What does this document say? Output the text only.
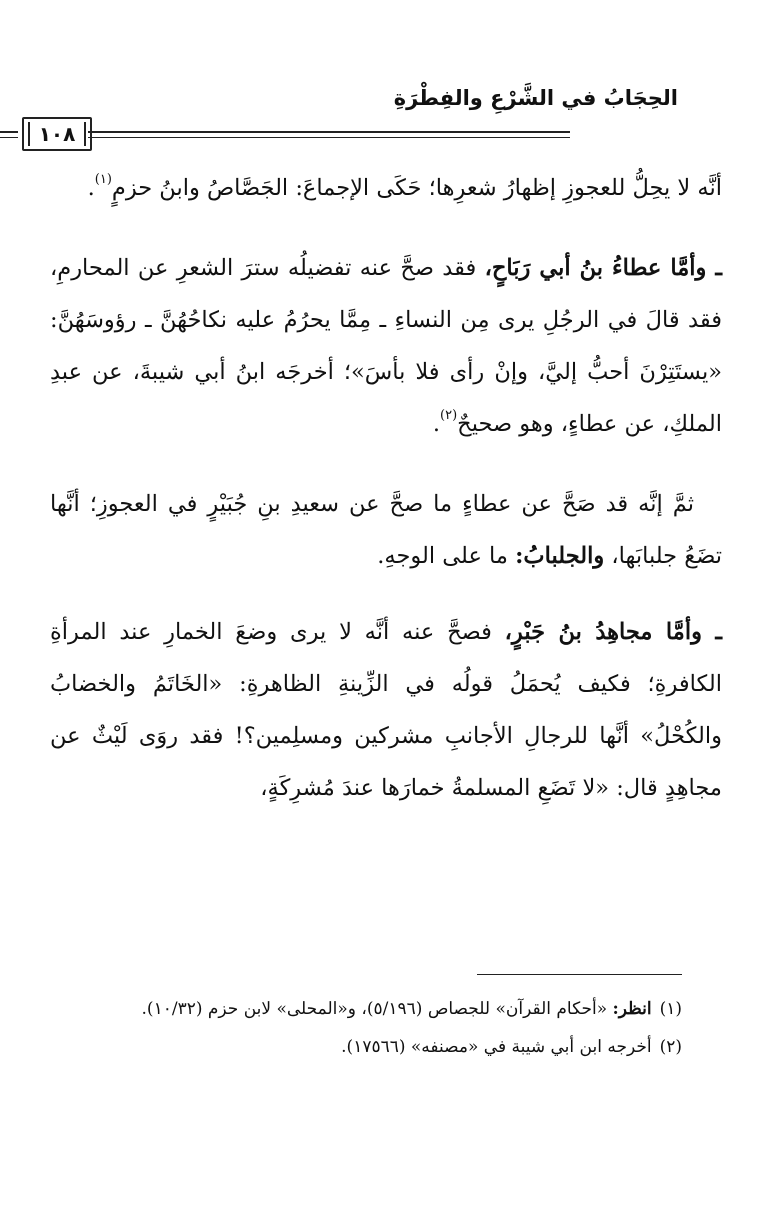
الحِجَابُ في الشَّرْعِ والفِطْرَةِ
١٠٨

أنَّه لا يحِلُّ للعجوزِ إظهارُ شعرِها؛ حَكَى الإجماعَ: الجَصَّاصُ وابنُ حزمٍ$^{(١)}$.

ـ وأمَّا عطاءُ بنُ أبي رَبَاحٍ، فقد صحَّ عنه تفضيلُه سترَ الشعرِ عن المحارمِ، فقد قالَ في الرجُلِ يرى مِن النساءِ ـ مِمَّا يحرُمُ عليه نكاحُهُنَّ ـ رؤوسَهُنَّ: «يستَتِرْنَ أحبُّ إليَّ، وإنْ رأى فلا بأسَ»؛ أخرجَه ابنُ أبي شيبةَ، عن عبدِ الملكِ، عن عطاءٍ، وهو صحيحٌ$^{(٢)}$.

ثمَّ إنَّه قد صَحَّ عن عطاءٍ ما صحَّ عن سعيدِ بنِ جُبَيْرٍ في العجوزِ؛ أنَّها تضَعُ جلبابَها، والجلبابُ: ما على الوجهِ.

ـ وأمَّا مجاهِدُ بنُ جَبْرٍ، فصحَّ عنه أنَّه لا يرى وضعَ الخمارِ عند المرأةِ الكافرةِ؛ فكيف يُحمَلُ قولُه في الزِّينةِ الظاهرةِ: «الخَاتَمُ والخضابُ والكُحْلُ» أنَّها للرجالِ الأجانبِ مشركين ومسلِمين؟! فقد روَى لَيْثٌ عن مجاهِدٍ قال: «لا تَضَعِ المسلمةُ خمارَها عندَ مُشرِكَةٍ،

(١)انظر: «أحكام القرآن» للجصاص (٥/١٩٦)، و«المحلى» لابن حزم (١٠/٣٢).

(٢)أخرجه ابن أبي شيبة في «مصنفه» (١٧٥٦٦).
